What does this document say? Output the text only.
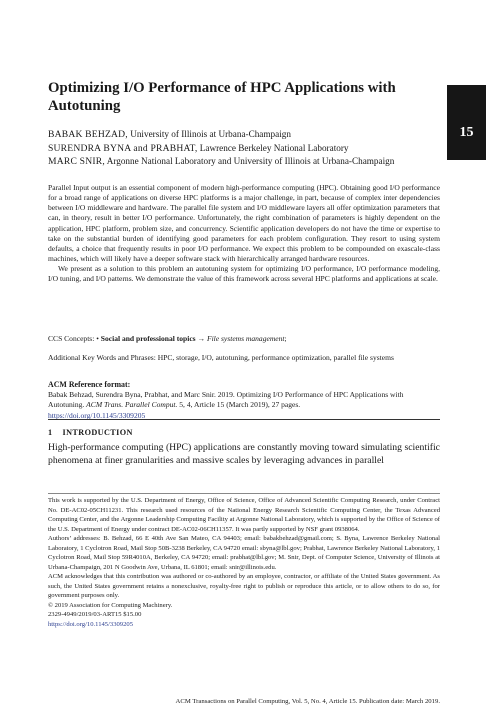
15
Optimizing I/O Performance of HPC Applications with Autotuning
BABAK BEHZAD, University of Illinois at Urbana-Champaign
SURENDRA BYNA and PRABHAT, Lawrence Berkeley National Laboratory
MARC SNIR, Argonne National Laboratory and University of Illinois at Urbana-Champaign

Parallel Input output is an essential component of modern high-performance computing (HPC). Obtaining good I/O performance for a broad range of applications on diverse HPC platforms is a major challenge, in part, because of complex inter dependencies between I/O middleware and hardware. The parallel file system and I/O middleware layers all offer optimization parameters that can, in theory, result in better I/O performance. Unfortunately, the right combination of parameters is highly dependent on the application, HPC platform, problem size, and concurrency. Scientific application developers do not have the time or expertise to take on the substantial burden of identifying good parameters for each problem configuration. They resort to using system defaults, a choice that frequently results in poor I/O performance. We expect this problem to be compounded on exascale-class machines, which will likely have a deeper software stack with hierarchically arranged hardware resources.

We present as a solution to this problem an autotuning system for optimizing I/O performance, I/O performance modeling, I/O tuning, and I/O patterns. We demonstrate the value of this framework across several HPC platforms and applications at scale.

CCS Concepts: • Social and professional topics → File systems management;
Additional Key Words and Phrases: HPC, storage, I/O, autotuning, performance optimization, parallel file systems
ACM Reference format:
Babak Behzad, Surendra Byna, Prabhat, and Marc Snir. 2019. Optimizing I/O Performance of HPC Applications with Autotuning. ACM Trans. Parallel Comput. 5, 4, Article 15 (March 2019), 27 pages.
https://doi.org/10.1145/3309205
1 INTRODUCTION

High-performance computing (HPC) applications are constantly moving toward simulating scientific phenomena at finer granularities and massive scales by leveraging advances in parallel

This work is supported by the U.S. Department of Energy, Office of Science, Office of Advanced Scientific Computing Research, under Contract No. DE-AC02-05CH11231. This research used resources of the National Energy Research Scientific Computing Center, the Texas Advanced Computing Center, and the Argonne Leadership Computing Facility at Argonne National Laboratory, which is supported by the Office of Science of the U.S. Department of Energy under contract DE-AC02-06CH11357. It was partly supported by NSF grant 0938064.

Authors’ addresses: B. Behzad, 66 E 40th Ave San Mateo, CA 94403; email: babakbehzad@gmail.com; S. Byna, Lawrence Berkeley National Laboratory, 1 Cyclotron Road, Mail Stop 50B-3238 Berkeley, CA 94720 email: sbyna@lbl.gov; Prabhat, Lawrence Berkeley National Laboratory, 1 Cyclotron Road, Mail Stop 59R4010A, Berkeley, CA 94720; email: prabhat@lbl.gov; M. Snir, Dept. of Computer Science, University of Illinois at Urbana-Champaign, 201 N Goodwin Ave, Urbana, IL 61801; email: snir@illinois.edu.

ACM acknowledges that this contribution was authored or co-authored by an employee, contractor, or affiliate of the United States government. As such, the United States government retains a nonexclusive, royalty-free right to publish or reproduce this article, or to allow others to do so, for government purposes only.

© 2019 Association for Computing Machinery.

2329-4949/2019/03-ART15 $15.00

https://doi.org/10.1145/3309205

ACM Transactions on Parallel Computing, Vol. 5, No. 4, Article 15. Publication date: March 2019.
